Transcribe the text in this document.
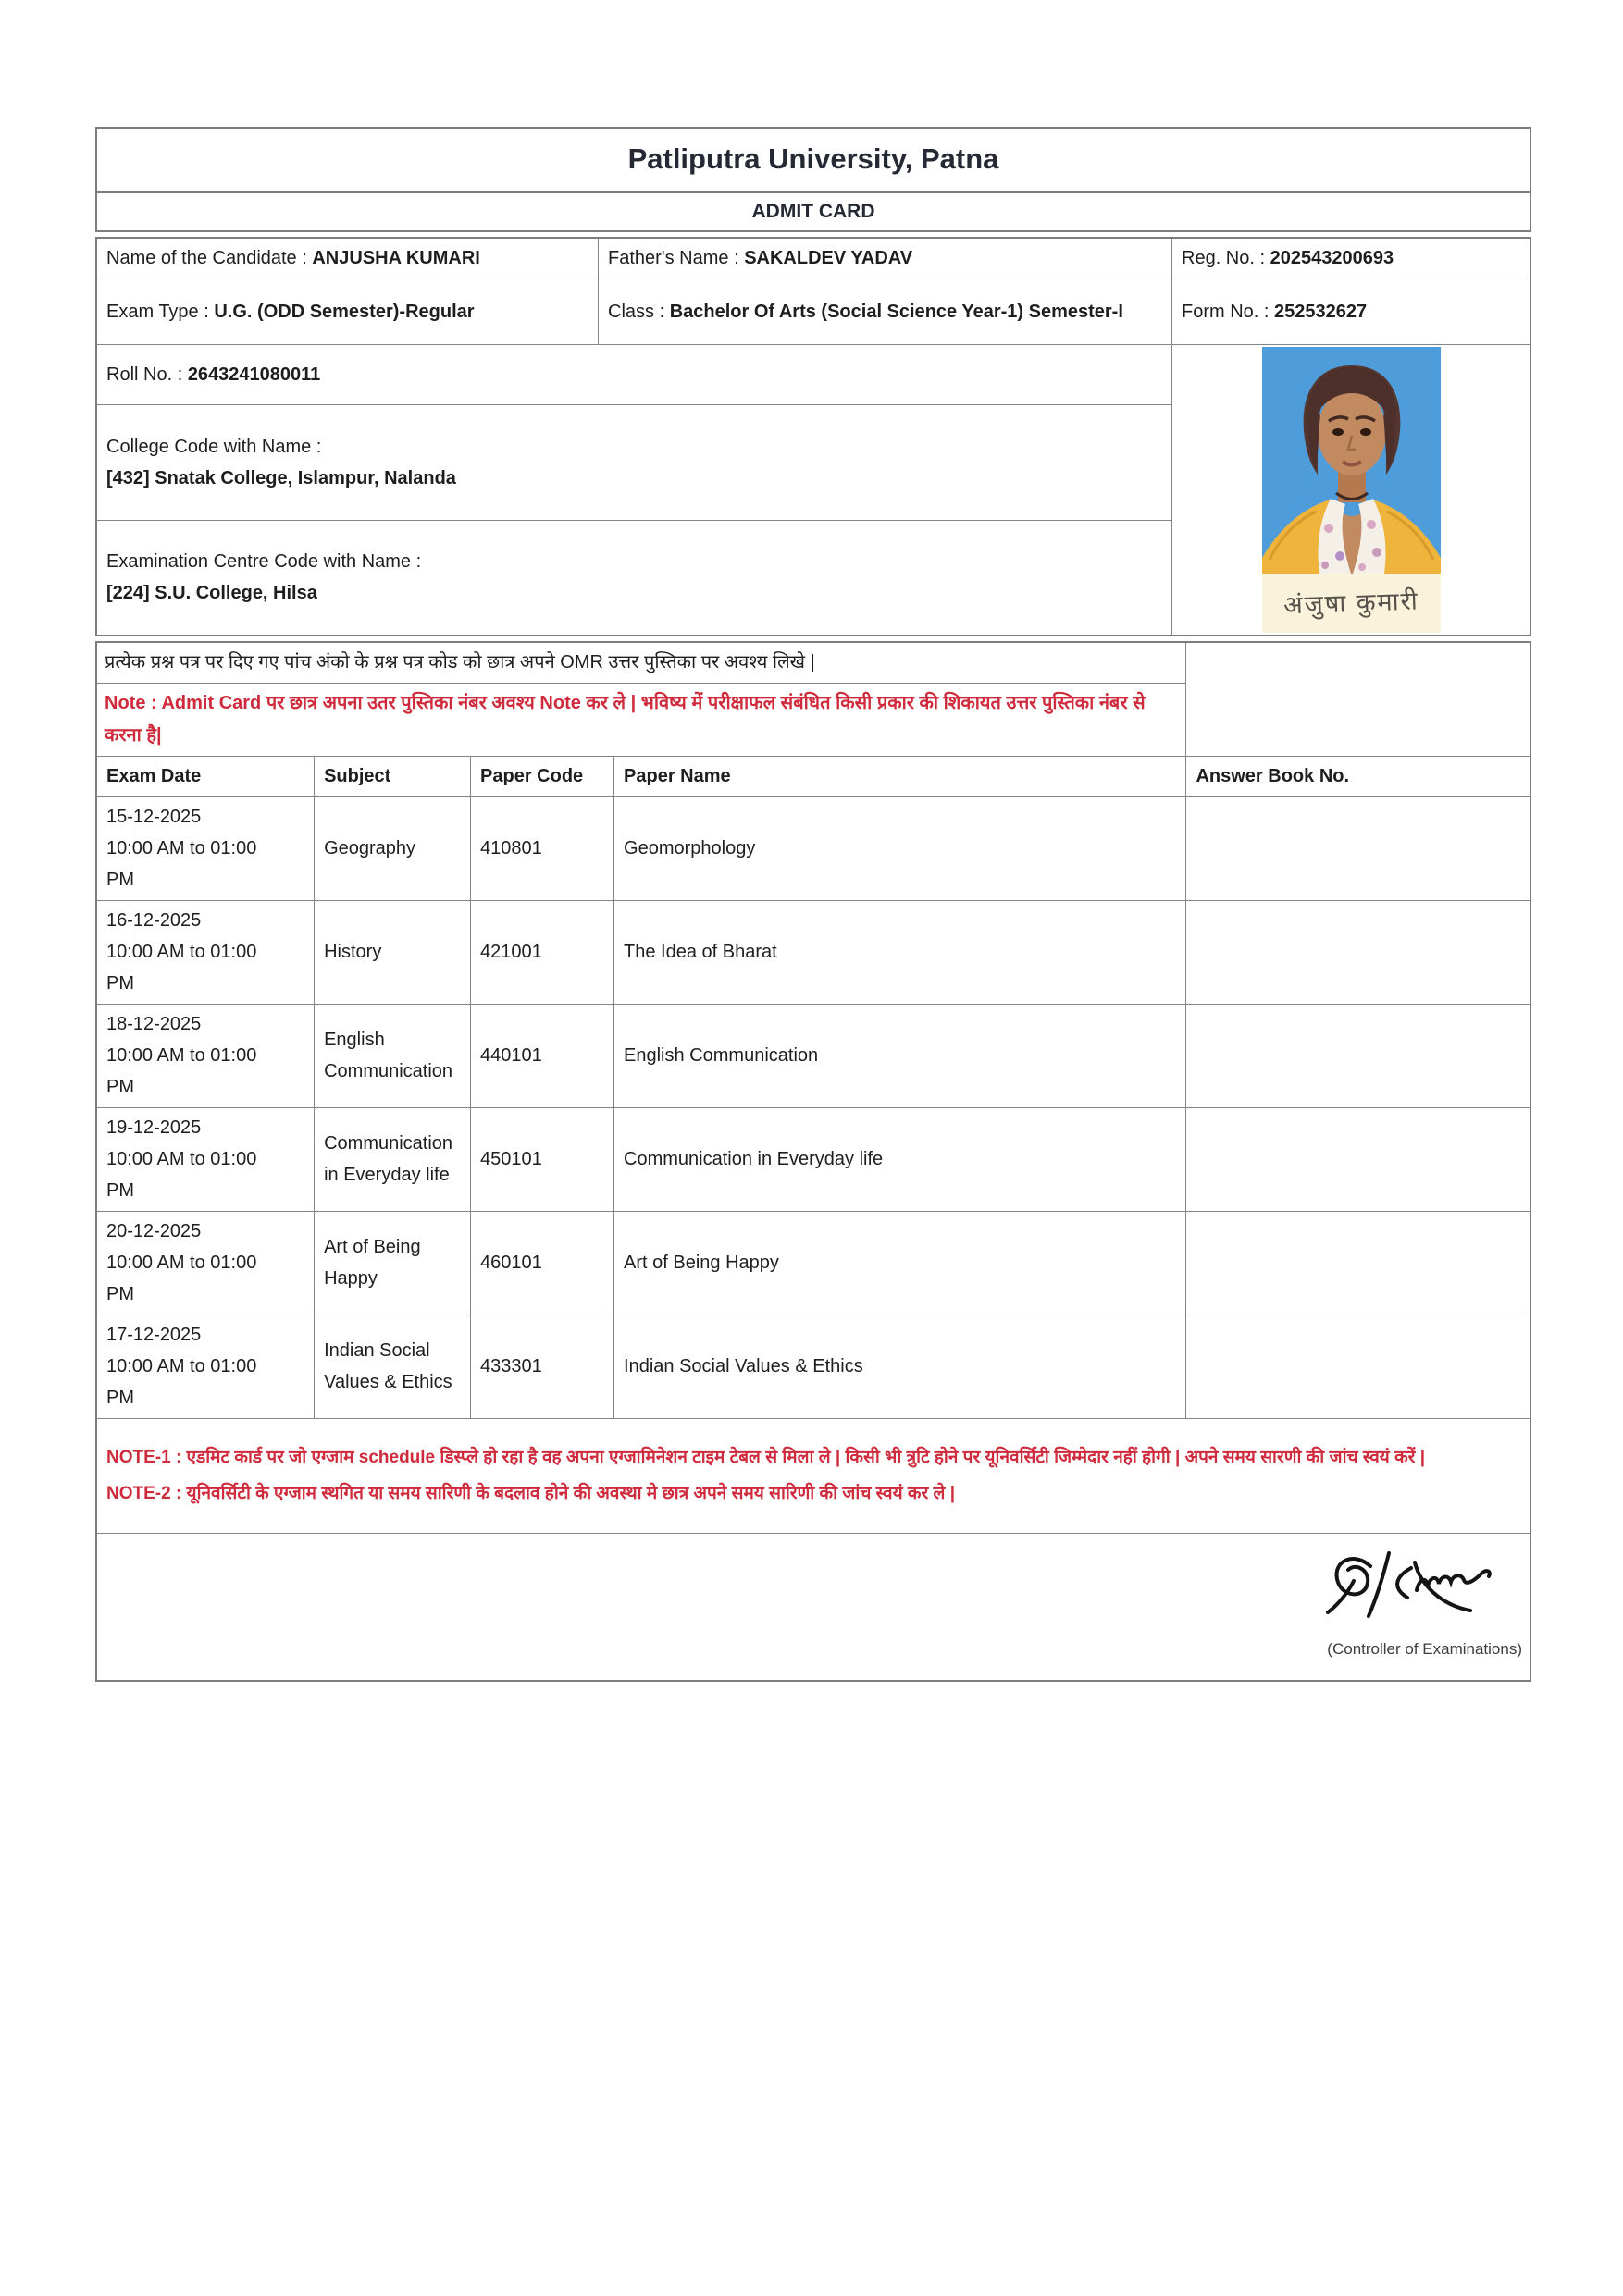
Patliputra University, Patna
ADMIT CARD
Name of the Candidate : ANJUSHA KUMARI	Father's Name : SAKALDEV YADAV	Reg. No. : 202543200693
Exam Type : U.G. (ODD Semester)-Regular	Class : Bachelor Of Arts (Social Science Year-1) Semester-I	Form No. : 252532627
Roll No. : 2643241080011		अंजुषा कुमारी

College Code with Name :
[432] Snatak College, Islampur, Nalanda		

Examination Centre Code with Name :
[224] S.U. College, Hilsa		
प्रत्येक प्रश्न पत्र पर दिए गए पांच अंको के प्रश्न पत्र कोड को छात्र अपने OMR उत्तर पुस्तिका पर अवश्य लिखे |				
Note : Admit Card पर छात्र अपना उतर पुस्तिका नंबर अवश्य Note कर ले | भविष्य में परीक्षाफल संबंधित किसी प्रकार की शिकायत उत्तर पुस्तिका नंबर से करना है|				
Exam Date	Subject	Paper Code	Paper Name	Answer Book No.

15-12-2025
10:00 AM to 01:00 PM	Geography	410801	Geomorphology	

16-12-2025
10:00 AM to 01:00 PM	History	421001	The Idea of Bharat	

18-12-2025
10:00 AM to 01:00 PM	English Communication	440101	English Communication	

19-12-2025
10:00 AM to 01:00 PM	Communication in Everyday life	450101	Communication in Everyday life	

20-12-2025
10:00 AM to 01:00 PM	Art of Being Happy	460101	Art of Being Happy	

17-12-2025
10:00 AM to 01:00 PM	Indian Social Values & Ethics	433301	Indian Social Values & Ethics	

NOTE-1 : एडमिट कार्ड पर जो एग्जाम schedule डिस्प्ले हो रहा है वह अपना एग्जामिनेशन टाइम टेबल से मिला ले | किसी भी त्रुटि होने पर यूनिवर्सिटी जिम्मेदार नहीं होगी | अपने समय सारणी की जांच स्वयं करें |
NOTE-2 : यूनिवर्सिटी के एग्जाम स्थगित या समय सारिणी के बदलाव होने की अवस्था मे छात्र अपने समय सारिणी की जांच स्वयं कर ले |				

(Controller of Examinations)				
